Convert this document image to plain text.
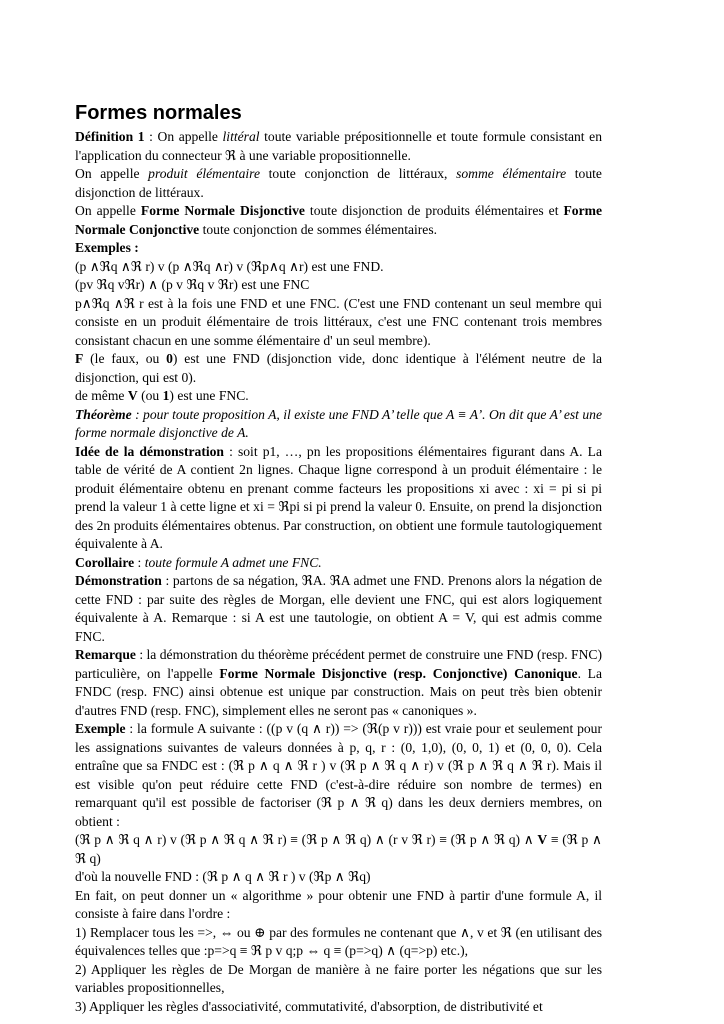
Formes normales

Définition 1 : On appelle littéral toute variable prépositionnelle et toute formule consistant en l'application du connecteur ℜ à une variable propositionnelle.

On appelle produit élémentaire toute conjonction de littéraux, somme élémentaire toute disjonction de littéraux.

On appelle Forme Normale Disjonctive toute disjonction de produits élémentaires et Forme Normale Conjonctive toute conjonction de sommes élémentaires.

Exemples :

(p ∧ℜq ∧ℜ r) v (p ∧ℜq ∧r) v (ℜp∧q ∧r) est une FND.

(pv ℜq vℜr) ∧ (p v ℜq v ℜr) est une FNC

p∧ℜq ∧ℜ r est à la fois une FND et une FNC. (C'est une FND contenant un seul membre qui consiste en un produit élémentaire de trois littéraux, c'est une FNC contenant trois membres consistant chacun en une somme élémentaire d' un seul membre).

F (le faux, ou 0) est une FND (disjonction vide, donc identique à l'élément neutre de la disjonction, qui est 0).

de même V (ou 1) est une FNC.

Théorème : pour toute proposition A, il existe une FND A’ telle que A ≡ A’. On dit que A’ est une forme normale disjonctive de A.

Idée de la démonstration : soit p1, …, pn les propositions élémentaires figurant dans A. La table de vérité de A contient 2n lignes. Chaque ligne correspond à un produit élémentaire : le produit élémentaire obtenu en prenant comme facteurs les propositions xi avec : xi = pi si pi prend la valeur 1 à cette ligne et xi = ℜpi si pi prend la valeur 0. Ensuite, on prend la disjonction des 2n produits élémentaires obtenus. Par construction, on obtient une formule tautologiquement équivalente à A.

Corollaire : toute formule A admet une FNC.

Démonstration : partons de sa négation, ℜA. ℜA admet une FND. Prenons alors la négation de cette FND : par suite des règles de Morgan, elle devient une FNC, qui est alors logiquement équivalente à A. Remarque : si A est une tautologie, on obtient A = V, qui est admis comme FNC.

Remarque : la démonstration du théorème précédent permet de construire une FND (resp. FNC) particulière, on l'appelle Forme Normale Disjonctive (resp. Conjonctive) Canonique. La FNDC (resp. FNC) ainsi obtenue est unique par construction. Mais on peut très bien obtenir d'autres FND (resp. FNC), simplement elles ne seront pas « canoniques ».

Exemple : la formule A suivante : ((p v (q ∧ r)) => (ℜ(p v r))) est vraie pour et seulement pour les assignations suivantes de valeurs données à p, q, r : (0, 1,0), (0, 0, 1) et (0, 0, 0). Cela entraîne que sa FNDC est : (ℜ p ∧ q ∧ ℜ r ) v (ℜ p ∧ ℜ q ∧ r) v (ℜ p ∧ ℜ q ∧ ℜ r). Mais il est visible qu'on peut réduire cette FND (c'est-à-dire réduire son nombre de termes) en remarquant qu'il est possible de factoriser (ℜ p ∧ ℜ q) dans les deux derniers membres, on obtient :

(ℜ p ∧ ℜ q ∧ r) v (ℜ p ∧ ℜ q ∧ ℜ r) ≡ (ℜ p ∧ ℜ q) ∧ (r v ℜ r) ≡ (ℜ p ∧ ℜ q) ∧ V ≡ (ℜ p ∧ ℜ q)

d'où la nouvelle FND : (ℜ p ∧ q ∧ ℜ r ) v (ℜp ∧ ℜq)

En fait, on peut donner un « algorithme » pour obtenir une FND à partir d'une formule A, il consiste à faire dans l'ordre :

1) Remplacer tous les =>, ⇔ ou ⊕ par des formules ne contenant que ∧, v et ℜ (en utilisant des équivalences telles que :p=>q ≡ ℜ p v q;p ⇔ q ≡ (p=>q) ∧ (q=>p) etc.),

2) Appliquer les règles de De Morgan de manière à ne faire porter les négations que sur les variables propositionnelles,

3) Appliquer les règles d'associativité, commutativité, d'absorption, de distributivité et
